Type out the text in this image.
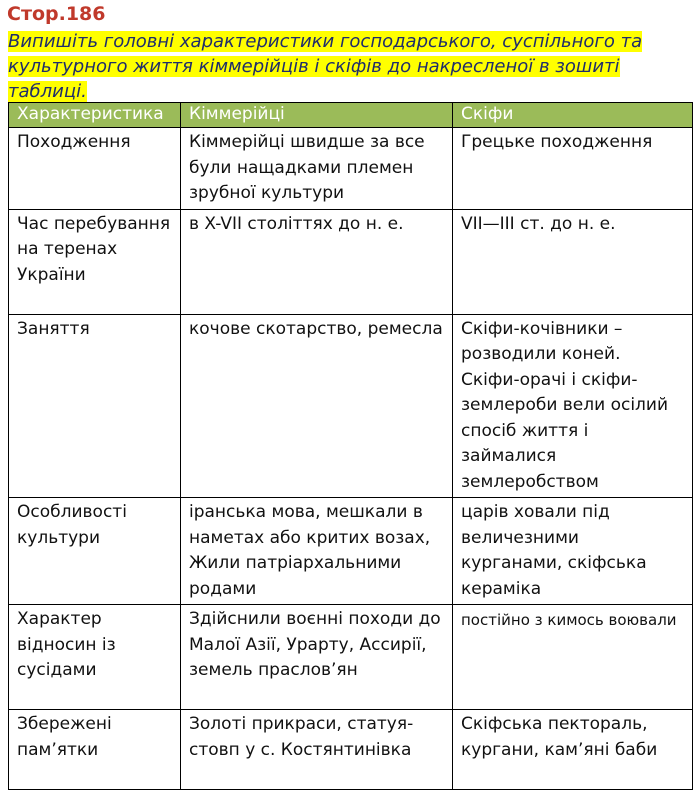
Стор.186

Випишіть головні характеристики господарського, суспільного та культурного життя кіммерійців і скіфів до накресленої в зошиті таблиці.

Характеристика	Кіммерійці	Скіфи
Походження	Кіммерійці швидше за все були нащадками племен зрубної культури	Грецьке походження
Час перебування на теренах України	в X-VII століттях до н. е.	VII—III ст. до н. е.
Заняття	кочове скотарство, ремесла	Скіфи-кочівники – розводили коней. Скіфи-орачі і скіфи-землероби вели осілий спосіб життя і займалися землеробством
Особливості культури	іранська мова, мешкали в наметах або критих возах, Жили патріархальними родами	царів ховали під величезними курганами, скіфська кераміка
Характер відносин із сусідами	Здійснили воєнні походи до Малої Азії, Урарту, Ассирії, земель праслов’ян	постійно з кимось воювали
Збережені пам’ятки	Золоті прикраси, статуя-стовп у с. Костянтинівка	Скіфська пектораль, кургани, кам’яні баби
